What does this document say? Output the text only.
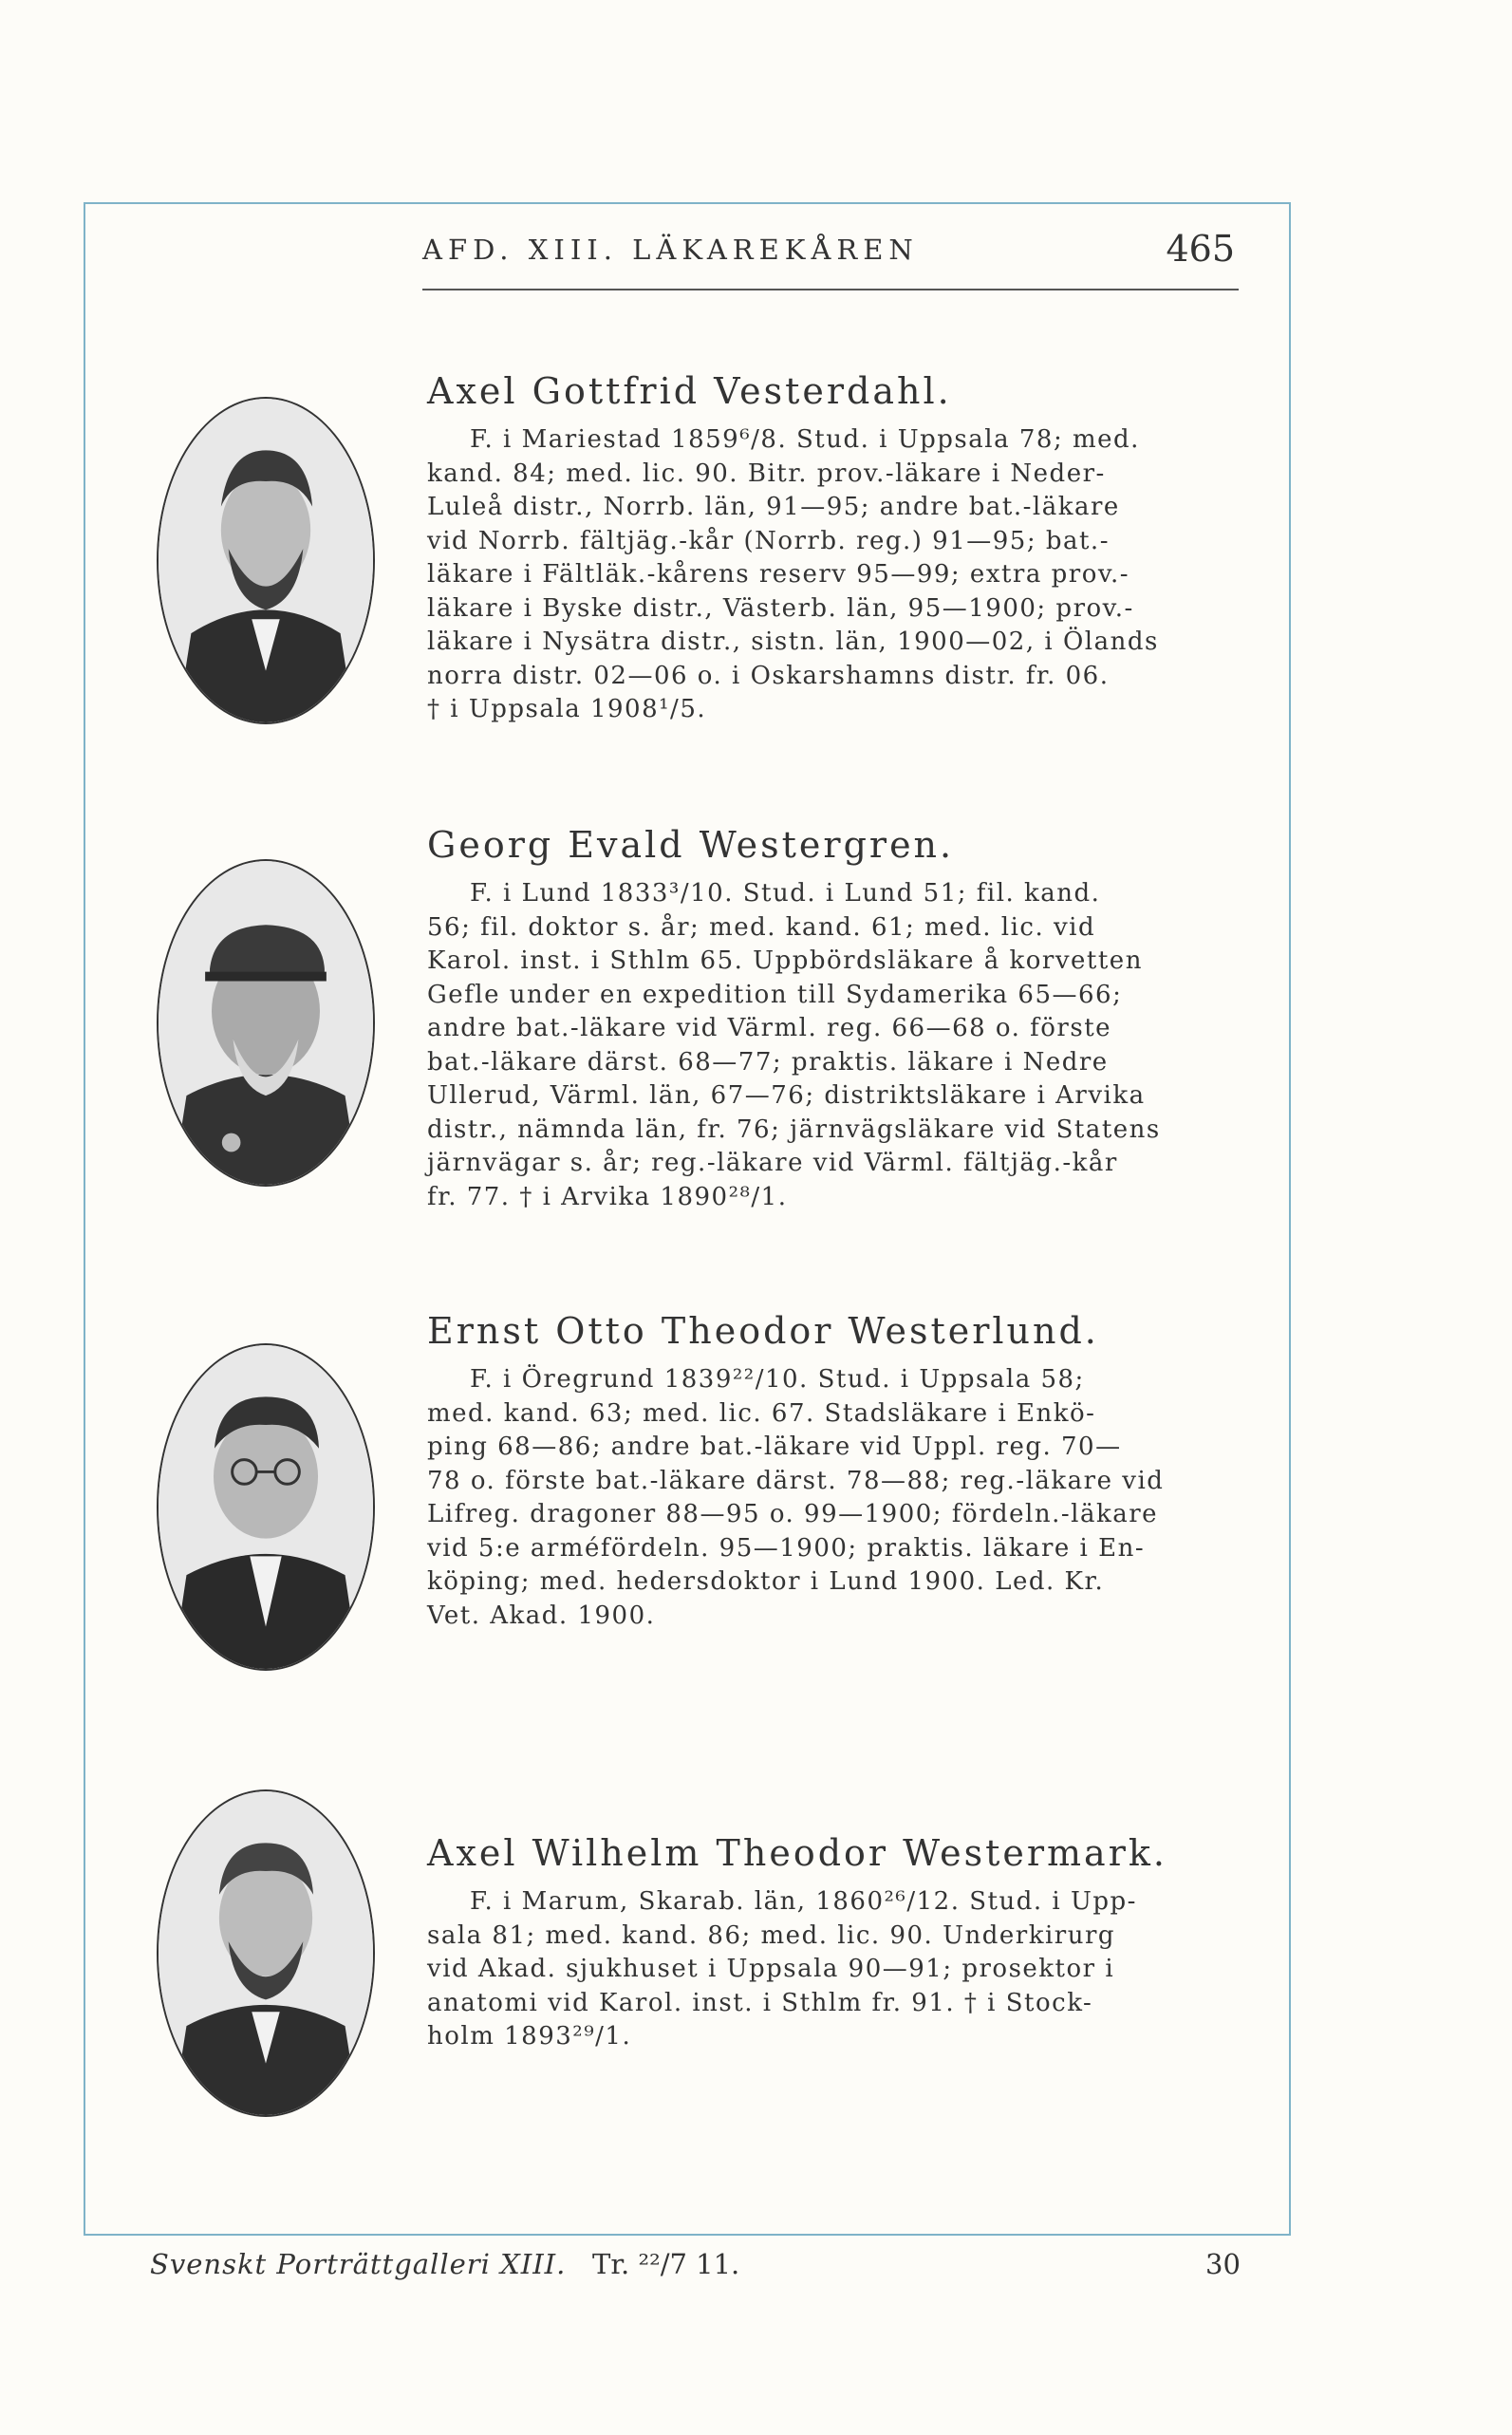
AFD. XIII. LÄKAREKÅREN	465
Axel Gottfrid Vesterdahl.

F. i Mariestad 1859⁶/8. Stud. i Uppsala 78; med.

kand. 84; med. lic. 90. Bitr. prov.-läkare i Neder-

Luleå distr., Norrb. län, 91—95; andre bat.-läkare

vid Norrb. fältjäg.-kår (Norrb. reg.) 91—95; bat.-

läkare i Fältläk.-kårens reserv 95—99; extra prov.-

läkare i Byske distr., Västerb. län, 95—1900; prov.-

läkare i Nysätra distr., sistn. län, 1900—02, i Ölands

norra distr. 02—06 o. i Oskarshamns distr. fr. 06.

† i Uppsala 1908¹/5.

Georg Evald Westergren.

F. i Lund 1833³/10. Stud. i Lund 51; fil. kand.

56; fil. doktor s. år; med. kand. 61; med. lic. vid

Karol. inst. i Sthlm 65. Uppbördsläkare å korvetten

Gefle under en expedition till Sydamerika 65—66;

andre bat.-läkare vid Värml. reg. 66—68 o. förste

bat.-läkare därst. 68—77; praktis. läkare i Nedre

Ullerud, Värml. län, 67—76; distriktsläkare i Arvika

distr., nämnda län, fr. 76; järnvägsläkare vid Statens

järnvägar s. år; reg.-läkare vid Värml. fältjäg.-kår

fr. 77. † i Arvika 1890²⁸/1.

Ernst Otto Theodor Westerlund.

F. i Öregrund 1839²²/10. Stud. i Uppsala 58;

med. kand. 63; med. lic. 67. Stadsläkare i Enkö-

ping 68—86; andre bat.-läkare vid Uppl. reg. 70—

78 o. förste bat.-läkare därst. 78—88; reg.-läkare vid

Lifreg. dragoner 88—95 o. 99—1900; fördeln.-läkare

vid 5:e arméfördeln. 95—1900; praktis. läkare i En-

köping; med. hedersdoktor i Lund 1900. Led. Kr.

Vet. Akad. 1900.

Axel Wilhelm Theodor Westermark.

F. i Marum, Skarab. län, 1860²⁶/12. Stud. i Upp-

sala 81; med. kand. 86; med. lic. 90. Underkirurg

vid Akad. sjukhuset i Uppsala 90—91; prosektor i

anatomi vid Karol. inst. i Sthlm fr. 91. † i Stock-

holm 1893²⁹/1.

Svenskt Porträttgalleri XIII. Tr. ²²/7 11.	30
